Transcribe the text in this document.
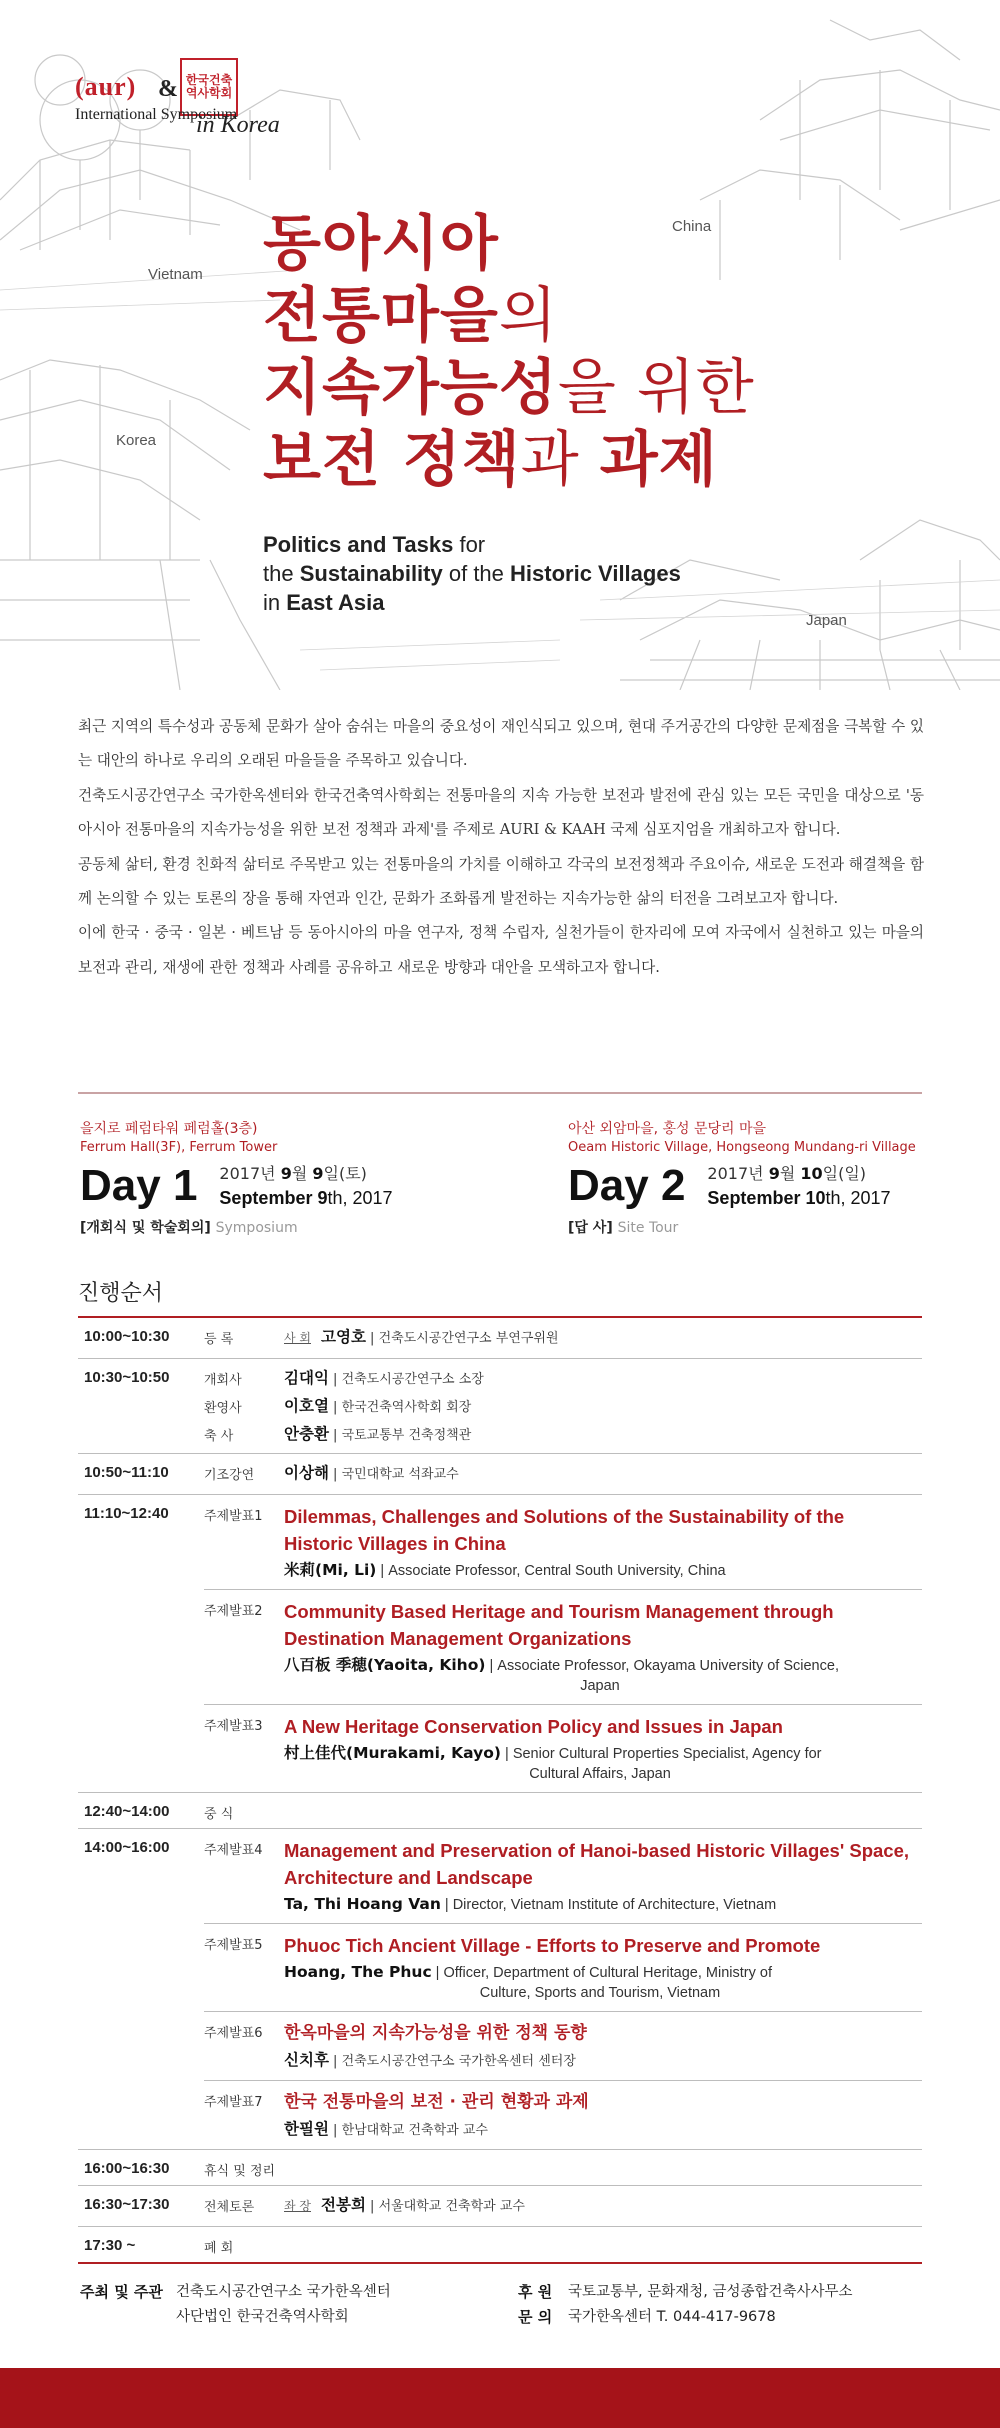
(aur) & 한국건축역사학회
International Symposium
in Korea
China
Vietnam
Korea
Japan
동아시아
전통마을의
지속가능성을 위한
보전 정책과 과제
Politics and Tasks for
the Sustainability of the Historic Villages
in East Asia

최근 지역의 특수성과 공동체 문화가 살아 숨쉬는 마을의 중요성이 재인식되고 있으며, 현대 주거공간의 다양한 문제점을 극복할 수 있는 대안의 하나로 우리의 오래된 마을들을 주목하고 있습니다.

건축도시공간연구소 국가한옥센터와 한국건축역사학회는 전통마을의 지속 가능한 보전과 발전에 관심 있는 모든 국민을 대상으로 '동아시아 전통마을의 지속가능성을 위한 보전 정책과 과제'를 주제로 AURI & KAAH 국제 심포지엄을 개최하고자 합니다.

공동체 삶터, 환경 친화적 삶터로 주목받고 있는 전통마을의 가치를 이해하고 각국의 보전정책과 주요이슈, 새로운 도전과 해결책을 함께 논의할 수 있는 토론의 장을 통해 자연과 인간, 문화가 조화롭게 발전하는 지속가능한 삶의 터전을 그려보고자 합니다.

이에 한국 · 중국 · 일본 · 베트남 등 동아시아의 마을 연구자, 정책 수립자, 실천가들이 한자리에 모여 자국에서 실천하고 있는 마을의 보전과 관리, 재생에 관한 정책과 사례를 공유하고 새로운 방향과 대안을 모색하고자 합니다.

을지로 페럼타워 페럼홀(3층)
Ferrum Hall(3F), Ferrum Tower
Day 1 2017년 9월 9일(토)
September 9th, 2017
[개회식 및 학술회의] Symposium
아산 외암마을, 홍성 문당리 마을
Oeam Historic Village, Hongseong Mundang-ri Village
Day 2 2017년 9월 10일(일)
September 10th, 2017
[답 사] Site Tour
진행순서
10:00~10:30	등 록	사 회 고영호 | 건축도시공간연구소 부연구위원
10:30~10:50	개회사	김대익 | 건축도시공간연구소 소장
환영사	이호열 | 한국건축역사학회 회장
축 사	안충환 | 국토교통부 건축정책관
10:50~11:10	기조강연	이상해 | 국민대학교 석좌교수
11:10~12:40	주제발표1	Dilemmas, Challenges and Solutions of the Sustainability of the Historic Villages in China
米莉(Mi, Li) | Associate Professor, Central South University, China
주제발표2	Community Based Heritage and Tourism Management through Destination Management Organizations
八百板 季穂(Yaoita, Kiho) | Associate Professor, Okayama University of Science,
Japan
주제발표3	A New Heritage Conservation Policy and Issues in Japan
村上佳代(Murakami, Kayo) | Senior Cultural Properties Specialist, Agency for
Cultural Affairs, Japan
12:40~14:00	중 식
14:00~16:00	주제발표4	Management and Preservation of Hanoi-based Historic Villages' Space, Architecture and Landscape
Ta, Thi Hoang Van | Director, Vietnam Institute of Architecture, Vietnam
주제발표5	Phuoc Tich Ancient Village - Efforts to Preserve and Promote
Hoang, The Phuc | Officer, Department of Cultural Heritage, Ministry of
Culture, Sports and Tourism, Vietnam
주제발표6	한옥마을의 지속가능성을 위한 정책 동향
신치후 | 건축도시공간연구소 국가한옥센터 센터장
주제발표7	한국 전통마을의 보전 · 관리 현황과 과제
한필원 | 한남대학교 건축학과 교수
16:00~16:30	휴식 및 정리
16:30~17:30	전체토론	좌 장 전봉희 | 서울대학교 건축학과 교수
17:30 ~	폐 회
주최 및 주관 건축도시공간연구소 국가한옥센터
사단법인 한국건축역사학회
후 원	국토교통부, 문화재청, 금성종합건축사사무소
문 의	국가한옥센터 T. 044-417-9678
